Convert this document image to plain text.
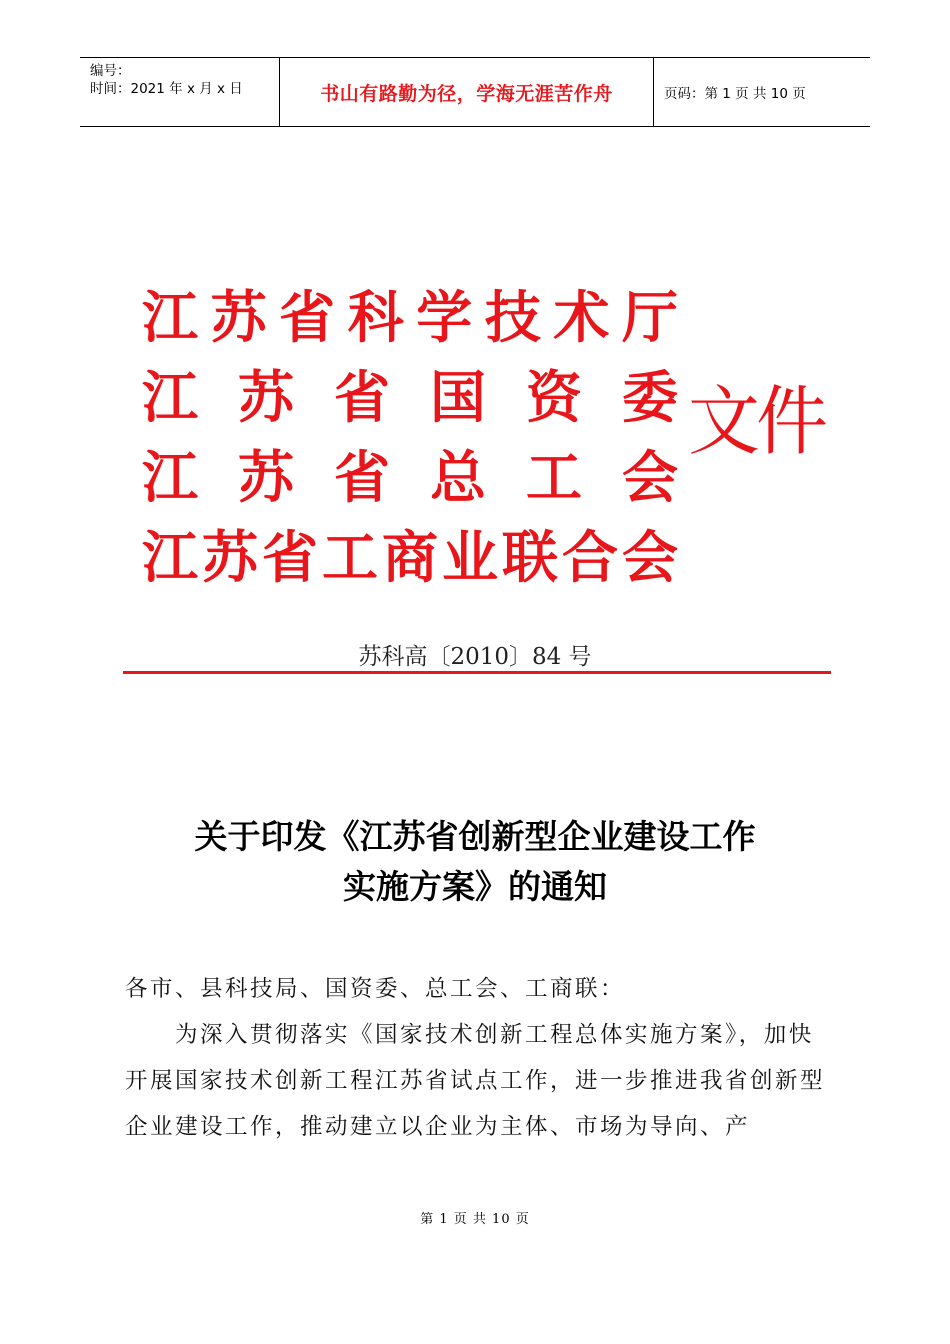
编号：
时间：2021 年 x 月 x 日	书山有路勤为径，学海无涯苦作舟	页码：第 1 页 共 10 页
江 苏 省 科 学 技 术 厅
江 苏 省 国 资 委
江 苏 省 总 工 会
江 苏 省 工 商 业 联 合 会
文件
苏科高〔2010〕84 号
关于印发《江苏省创新型企业建设工作
实施方案》的通知

各市、县科技局、国资委、总工会、工商联：

为深入贯彻落实《国家技术创新工程总体实施方案》，加快开展国家技术创新工程江苏省试点工作，进一步推进我省创新型企业建设工作，推动建立以企业为主体、市场为导向、产

第 1 页 共 10 页
